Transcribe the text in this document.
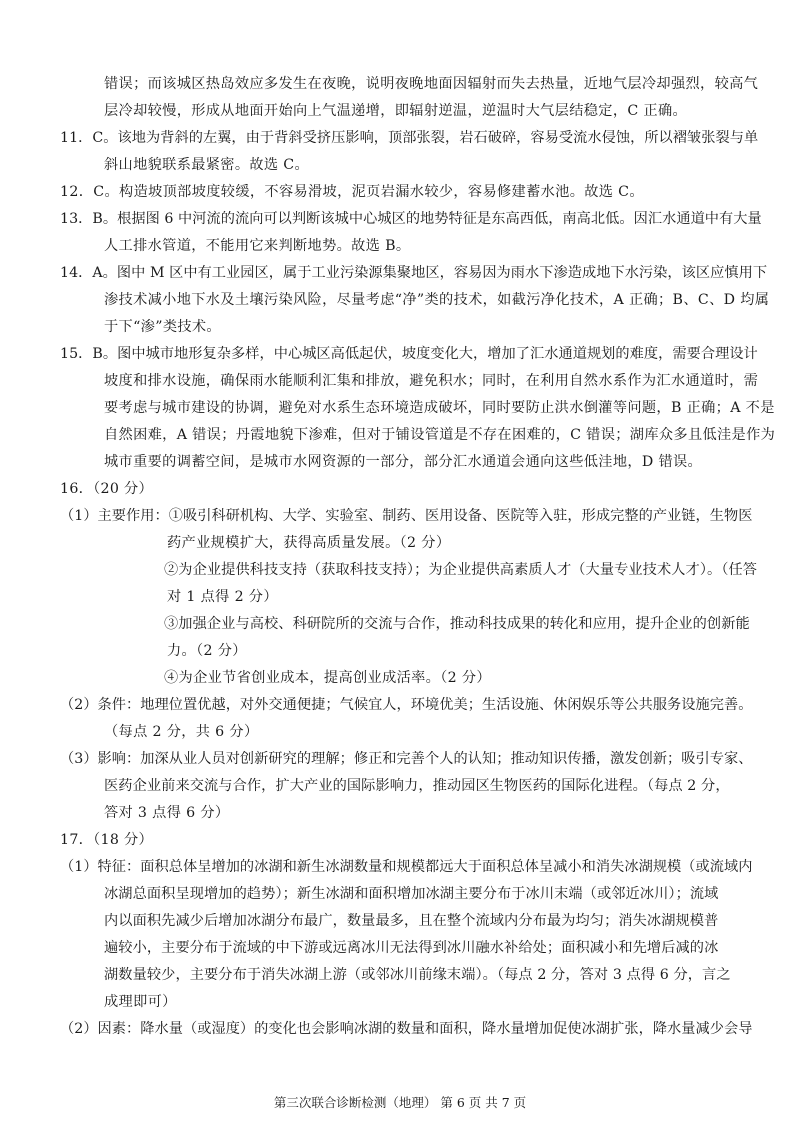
错误；而该城区热岛效应多发生在夜晚，说明夜晚地面因辐射而失去热量，近地气层冷却强烈，较高气
层冷却较慢，形成从地面开始向上气温递增，即辐射逆温，逆温时大气层结稳定，C 正确。
11．C。该地为背斜的左翼，由于背斜受挤压影响，顶部张裂，岩石破碎，容易受流水侵蚀，所以褶皱张裂与单
斜山地貌联系最紧密。故选 C。
12．C。构造坡顶部坡度较缓，不容易滑坡，泥页岩漏水较少，容易修建蓄水池。故选 C。
13．B。根据图 6 中河流的流向可以判断该城中心城区的地势特征是东高西低，南高北低。因汇水通道中有大量
人工排水管道，不能用它来判断地势。故选 B。
14．A。图中 M 区中有工业园区，属于工业污染源集聚地区，容易因为雨水下渗造成地下水污染，该区应慎用下
渗技术减小地下水及土壤污染风险，尽量考虑“净”类的技术，如截污净化技术，A 正确；B、C、D 均属
于下“渗”类技术。
15．B。图中城市地形复杂多样，中心城区高低起伏，坡度变化大，增加了汇水通道规划的难度，需要合理设计
坡度和排水设施，确保雨水能顺利汇集和排放，避免积水；同时，在利用自然水系作为汇水通道时，需
要考虑与城市建设的协调，避免对水系生态环境造成破坏，同时要防止洪水倒灌等问题，B 正确；A 不是
自然困难，A 错误；丹霞地貌下渗难，但对于铺设管道是不存在困难的，C 错误；湖库众多且低洼是作为
城市重要的调蓄空间，是城市水网资源的一部分，部分汇水通道会通向这些低洼地，D 错误。
16．（20 分）
（1）主要作用：①吸引科研机构、大学、实验室、制药、医用设备、医院等入驻，形成完整的产业链，生物医
药产业规模扩大，获得高质量发展。（2 分）
②为企业提供科技支持（获取科技支持）；为企业提供高素质人才（大量专业技术人才）。（任答
对 1 点得 2 分）
③加强企业与高校、科研院所的交流与合作，推动科技成果的转化和应用，提升企业的创新能
力。（2 分）
④为企业节省创业成本，提高创业成活率。（2 分）
（2）条件：地理位置优越，对外交通便捷；气候宜人，环境优美；生活设施、休闲娱乐等公共服务设施完善。
（每点 2 分，共 6 分）
（3）影响：加深从业人员对创新研究的理解；修正和完善个人的认知；推动知识传播，激发创新；吸引专家、
医药企业前来交流与合作，扩大产业的国际影响力，推动园区生物医药的国际化进程。（每点 2 分，
答对 3 点得 6 分）
17．（18 分）
（1）特征：面积总体呈增加的冰湖和新生冰湖数量和规模都远大于面积总体呈减小和消失冰湖规模（或流域内
冰湖总面积呈现增加的趋势）；新生冰湖和面积增加冰湖主要分布于冰川末端（或邻近冰川）；流域
内以面积先减少后增加冰湖分布最广，数量最多，且在整个流域内分布最为均匀；消失冰湖规模普
遍较小，主要分布于流域的中下游或远离冰川无法得到冰川融水补给处；面积减小和先增后减的冰
湖数量较少，主要分布于消失冰湖上游（或邻冰川前缘末端）。（每点 2 分，答对 3 点得 6 分，言之
成理即可）
（2）因素：降水量（或湿度）的变化也会影响冰湖的数量和面积，降水量增加促使冰湖扩张，降水量减少会导
第三次联合诊断检测（地理） 第 6 页 共 7 页
